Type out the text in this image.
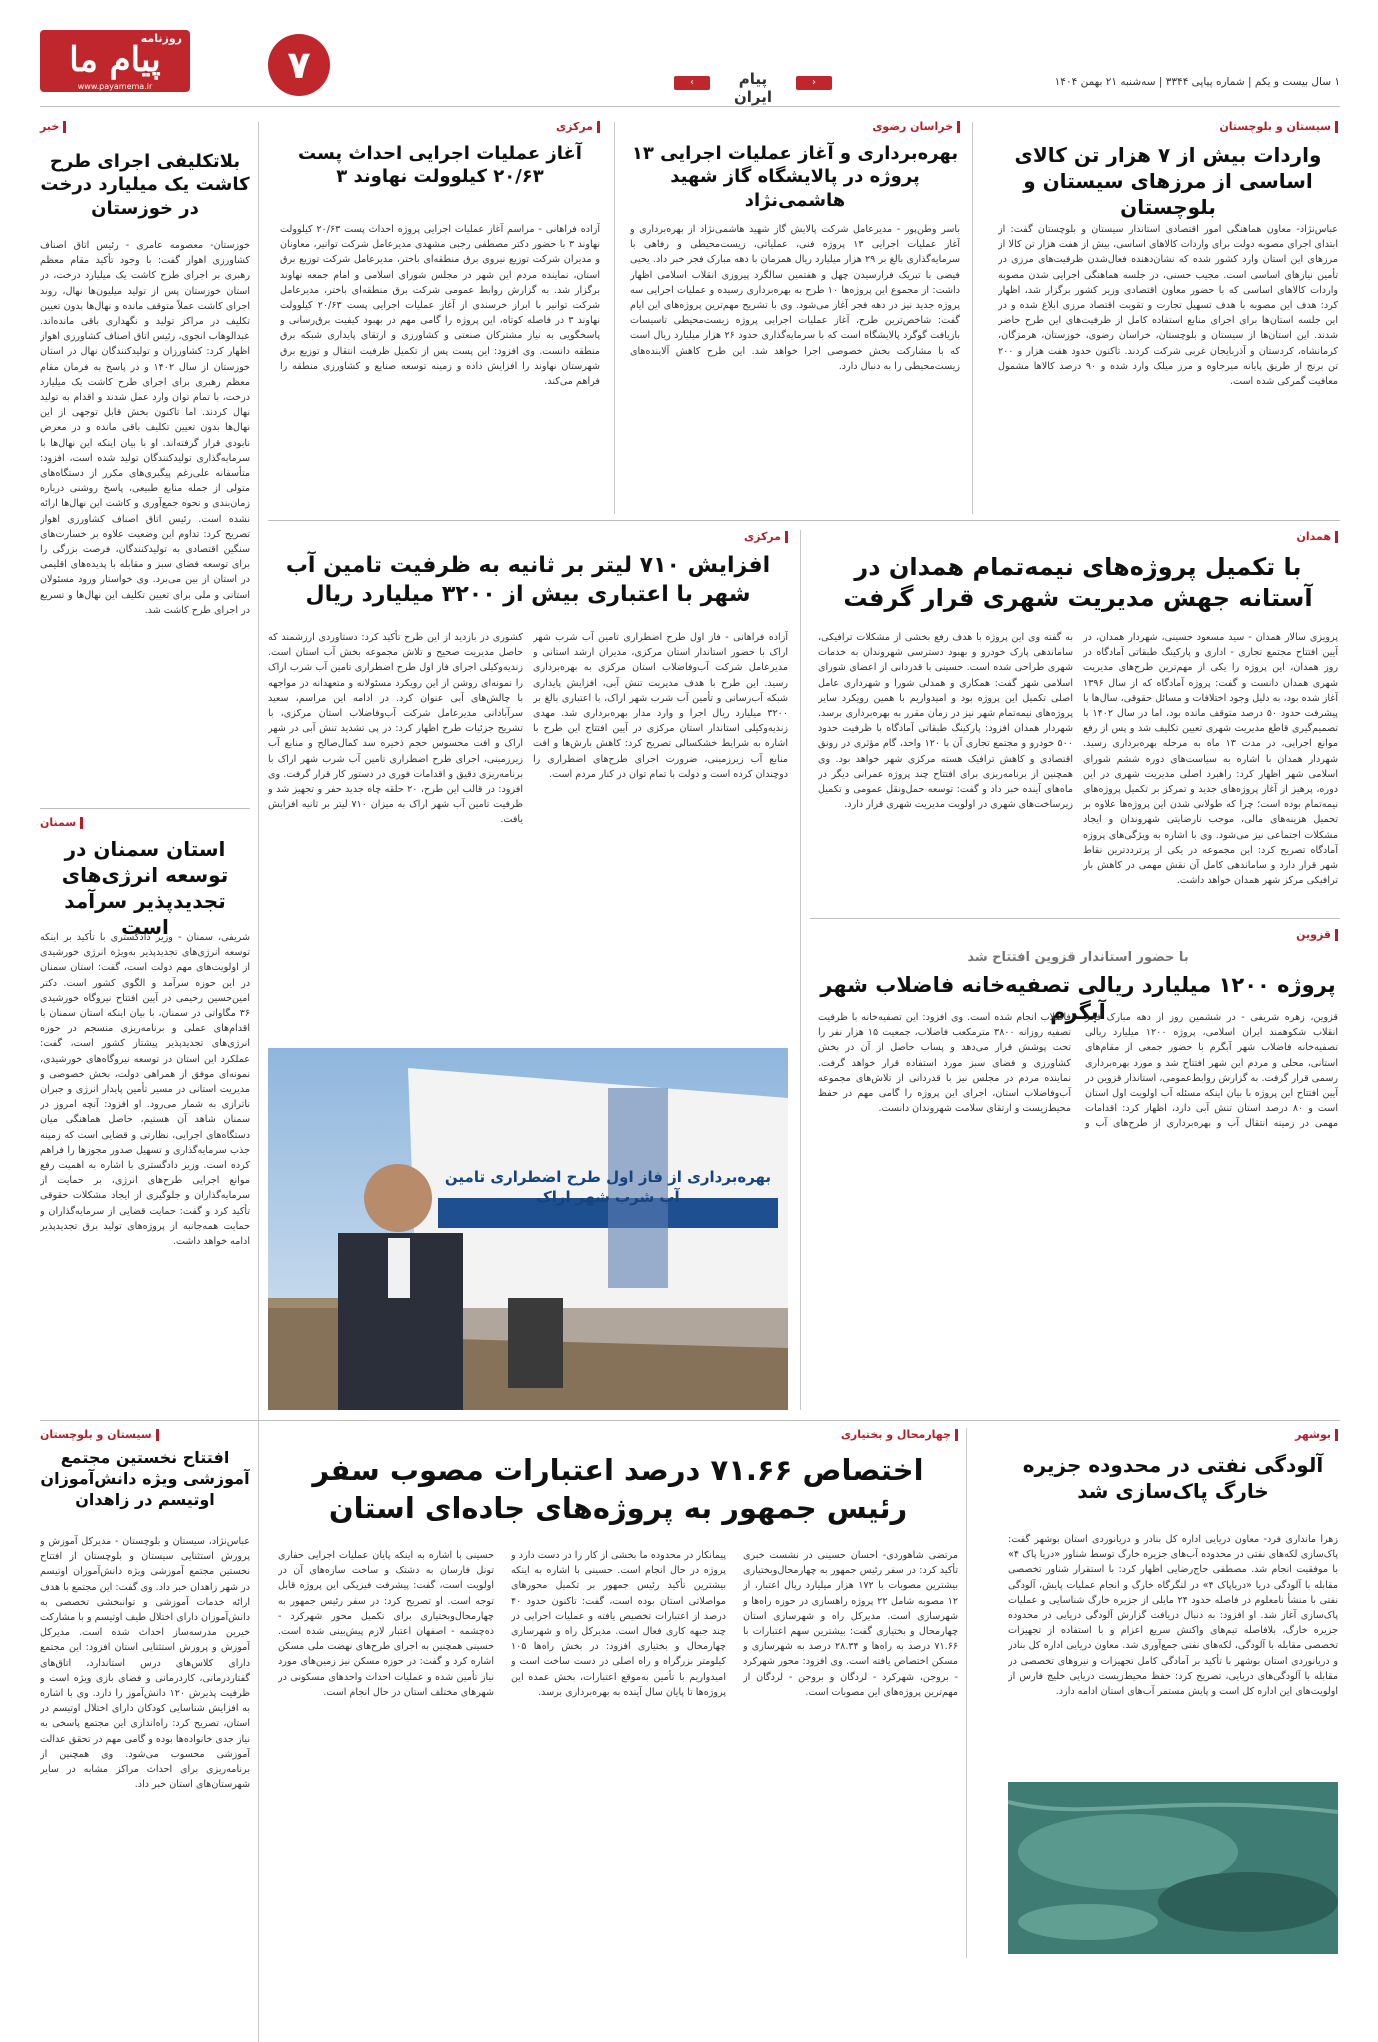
روزنامه
پیام ما
www.payamema.ir	۷	›	پیام ایران
‹	۱ سال بیست و یکم | شماره پیاپی ۳۳۴۴ | سه‌شنبه ۲۱ بهمن ۱۴۰۴
سیستان و بلوچستان
واردات بیش از ۷ هزار تن کالای اساسی از مرزهای سیستان و بلوچستان
عباس‌نژاد- معاون هماهنگی امور اقتصادی استاندار سیستان و بلوچستان گفت: از ابتدای اجرای مصوبه دولت برای واردات کالاهای اساسی، بیش از هفت هزار تن کالا از مرزهای این استان وارد کشور شده که نشان‌دهنده فعال‌شدن ظرفیت‌های مرزی در تأمین نیازهای اساسی است. مجیب حسنی، در جلسه هماهنگی اجرایی شدن مصوبه واردات کالاهای اساسی که با حضور معاون اقتصادی وزیر کشور برگزار شد، اظهار کرد: هدف این مصوبه با هدف تسهیل تجارت و تقویت اقتصاد مرزی ابلاغ شده و در این جلسه استان‌ها برای اجرای منابع استفاده کامل از ظرفیت‌های این طرح حاضر شدند. این استان‌ها از سیستان و بلوچستان، خراسان رضوی، خوزستان، هرمزگان، کرمانشاه، کردستان و آذربایجان غربی شرکت کردند. تاکنون حدود هفت هزار و ۲۰۰ تن برنج از طریق پایانه میرجاوه و مرز میلک وارد شده و ۹۰ درصد کالاها مشمول معافیت گمرکی شده است.
خراسان رضوی
بهره‌برداری و آغاز عملیات اجرایی ۱۳ پروژه در پالایشگاه گاز شهید هاشمی‌نژاد
باسر وطن‌پور - مدیرعامل شرکت پالایش گاز شهید هاشمی‌نژاد از بهره‌برداری و آغاز عملیات اجرایی ۱۳ پروژه فنی، عملیاتی، زیست‌محیطی و رفاهی با سرمایه‌گذاری بالغ بر ۲۹ هزار میلیارد ریال همزمان با دهه مبارک فجر خبر داد. یحیی فیضی با تبریک فرارسیدن چهل و هفتمین سالگرد پیروزی انقلاب اسلامی اظهار داشت: از مجموع این پروژه‌ها ۱۰ طرح به بهره‌برداری رسیده و عملیات اجرایی سه پروژه جدید نیز در دهه فجر آغاز می‌شود. وی با تشریح مهم‌ترین پروژه‌های این ایام گفت: شاخص‌ترین طرح، آغاز عملیات اجرایی پروژه زیست‌محیطی تاسیسات بازیافت گوگرد پالایشگاه است که با سرمایه‌گذاری حدود ۲۶ هزار میلیارد ریال است که با مشارکت بخش خصوصی اجرا خواهد شد. این طرح کاهش آلاینده‌های زیست‌محیطی را به دنبال دارد.
مرکزی
آغاز عملیات اجرایی احداث پست ۲۰/۶۳ کیلوولت نهاوند ۳
آزاده فراهانی - مراسم آغاز عملیات اجرایی پروژه احداث پست ۲۰/۶۳ کیلوولت نهاوند ۳ با حضور دکتر مصطفی رجبی مشهدی مدیرعامل شرکت توانیر، معاونان و مدیران شرکت توزیع نیروی برق منطقه‌ای باختر، مدیرعامل شرکت توزیع برق استان، نماینده مردم این شهر در مجلس شورای اسلامی و امام جمعه نهاوند برگزار شد. به گزارش روابط عمومی شرکت برق منطقه‌ای باختر، مدیرعامل شرکت توانیر با ابراز خرسندی از آغاز عملیات اجرایی پست ۲۰/۶۳ کیلوولت نهاوند ۳ در فاصله کوتاه، این پروژه را گامی مهم در بهبود کیفیت برق‌رسانی و پاسخگویی به نیاز مشترکان صنعتی و کشاورزی و ارتقای پایداری شبکه برق منطقه دانست. وی افزود: این پست پس از تکمیل ظرفیت انتقال و توزیع برق شهرستان نهاوند را افزایش داده و زمینه توسعه صنایع و کشاورزی منطقه را فراهم می‌کند.
خبر
بلاتکلیفی اجرای طرح کاشت یک میلیارد درخت در خوزستان
خوزستان- معصومه عامری - رئیس اتاق اصناف کشاورزی اهواز گفت: با وجود تأکید مقام معظم رهبری بر اجرای طرح کاشت یک میلیارد درخت، در استان خوزستان پس از تولید میلیون‌ها نهال، روند اجرای کاشت عملاً متوقف مانده و نهال‌ها بدون تعیین تکلیف در مراکز تولید و نگهداری باقی مانده‌اند. عبدالوهاب انجوی، رئیس اتاق اصناف کشاورزی اهواز اظهار کرد: کشاورزان و تولیدکنندگان نهال در استان خوزستان از سال ۱۴۰۲ و در پاسخ به فرمان مقام معظم رهبری برای اجرای طرح کاشت یک میلیارد درخت، با تمام توان وارد عمل شدند و اقدام به تولید نهال کردند. اما تاکنون بخش قابل توجهی از این نهال‌ها بدون تعیین تکلیف باقی مانده و در معرض نابودی قرار گرفته‌اند. او با بیان اینکه این نهال‌ها با سرمایه‌گذاری تولیدکنندگان تولید شده است، افزود: متأسفانه علی‌رغم پیگیری‌های مکرر از دستگاه‌های متولی از جمله منابع طبیعی، پاسخ روشنی درباره زمان‌بندی و نحوه جمع‌آوری و کاشت این نهال‌ها ارائه نشده است. رئیس اتاق اصناف کشاورزی اهواز تصریح کرد: تداوم این وضعیت علاوه بر خسارت‌های سنگین اقتصادی به تولیدکنندگان، فرصت بزرگی را برای توسعه فضای سبز و مقابله با پدیده‌های اقلیمی در استان از بین می‌برد. وی خواستار ورود مسئولان استانی و ملی برای تعیین تکلیف این نهال‌ها و تسریع در اجرای طرح کاشت شد.
همدان
با تکمیل پروژه‌های نیمه‌تمام همدان در آستانه جهش مدیریت شهری قرار گرفت
پرویزی سالار همدان - سید مسعود حسینی، شهردار همدان، در آیین افتتاح مجتمع تجاری - اداری و پارکینگ طبقاتی آمادگاه در روز همدان، این پروژه را یکی از مهم‌ترین طرح‌های مدیریت شهری همدان دانست و گفت: پروژه آمادگاه که از سال ۱۳۹۶ آغاز شده بود، به دلیل وجود اختلافات و مسائل حقوقی، سال‌ها با پیشرفت حدود ۵۰ درصد متوقف مانده بود، اما در سال ۱۴۰۲ با تصمیم‌گیری قاطع مدیریت شهری تعیین تکلیف شد و پس از رفع موانع اجرایی، در مدت ۱۳ ماه به مرحله بهره‌برداری رسید. شهردار همدان با اشاره به سیاست‌های دوره ششم شورای اسلامی شهر اظهار کرد: راهبرد اصلی مدیریت شهری در این دوره، پرهیز از آغاز پروژه‌های جدید و تمرکز بر تکمیل پروژه‌های نیمه‌تمام بوده است؛ چرا که طولانی شدن این پروژه‌ها علاوه بر تحمیل هزینه‌های مالی، موجب نارضایتی شهروندان و ایجاد مشکلات اجتماعی نیز می‌شود. وی با اشاره به ویژگی‌های پروژه آمادگاه تصریح کرد: این مجموعه در یکی از پرترددترین نقاط شهر قرار دارد و ساماندهی کامل آن نقش مهمی در کاهش بار ترافیکی مرکز شهر همدان خواهد داشت.
به گفته وی این پروژه با هدف رفع بخشی از مشکلات ترافیکی، ساماندهی پارک خودرو و بهبود دسترسی شهروندان به خدمات شهری طراحی شده است. حسینی با قدردانی از اعضای شورای اسلامی شهر گفت: همکاری و همدلی شورا و شهرداری عامل اصلی تکمیل این پروژه بود و امیدواریم با همین رویکرد سایر پروژه‌های نیمه‌تمام شهر نیز در زمان مقرر به بهره‌برداری برسد. شهردار همدان افزود: پارکینگ طبقاتی آمادگاه با ظرفیت حدود ۵۰۰ خودرو و مجتمع تجاری آن با ۱۲۰ واحد، گام مؤثری در رونق اقتصادی و کاهش ترافیک هسته مرکزی شهر خواهد بود. وی همچنین از برنامه‌ریزی برای افتتاح چند پروژه عمرانی دیگر در ماه‌های آینده خبر داد و گفت: توسعه حمل‌ونقل عمومی و تکمیل زیرساخت‌های شهری در اولویت مدیریت شهری قرار دارد.
مرکزی
افزایش ۷۱۰ لیتر بر ثانیه به ظرفیت تامین آب شهر با اعتباری بیش از ۳۲۰۰ میلیارد ریال
آزاده فراهانی - فاز اول طرح اضطراری تامین آب شرب شهر اراک با حضور استاندار استان مرکزی، مدیران ارشد استانی و مدیرعامل شرکت آب‌وفاضلاب استان مرکزی به بهره‌برداری رسید. این طرح با هدف مدیریت تنش آبی، افزایش پایداری شبکه آب‌رسانی و تأمین آب شرب شهر اراک، با اعتباری بالغ بر ۳۲۰۰ میلیارد ریال اجرا و وارد مدار بهره‌برداری شد. مهدی زندیه‌وکیلی استاندار استان مرکزی در آیین افتتاح این طرح با اشاره به شرایط خشکسالی تصریح کرد: کاهش بارش‌ها و افت منابع آب زیرزمینی، ضرورت اجرای طرح‌های اضطراری را دوچندان کرده است و دولت با تمام توان در کنار مردم است.
کشوری در بازدید از این طرح تأکید کرد: دستاوردی ارزشمند که حاصل مدیریت صحیح و تلاش مجموعه بخش آب استان است. زندیه‌وکیلی اجرای فاز اول طرح اضطراری تامین آب شرب اراک را نمونه‌ای روشن از این رویکرد مسئولانه و متعهدانه در مواجهه با چالش‌های آبی عنوان کرد. در ادامه این مراسم، سعید سرآبادانی مدیرعامل شرکت آب‌وفاضلاب استان مرکزی، با تشریح جزئیات طرح اظهار کرد: در پی تشدید تنش آبی در شهر اراک و افت محسوس حجم ذخیره سد کمال‌صالح و منابع آب زیرزمینی، اجرای طرح اضطراری تامین آب شرب شهر اراک با برنامه‌ریزی دقیق و اقدامات فوری در دستور کار قرار گرفت. وی افزود: در قالب این طرح، ۲۰ حلقه چاه جدید حفر و تجهیز شد و ظرفیت تامین آب شهر اراک به میزان ۷۱۰ لیتر بر ثانیه افزایش یافت.
بهره‌برداری از فاز اول طرح اضطراری تامین آب شرب شهر اراک
سمنان
استان سمنان در توسعه انرژی‌های تجدیدپذیر سرآمد است
شریفی، سمنان - وزیر دادگستری با تأکید بر اینکه توسعه انرژی‌های تجدیدپذیر به‌ویژه انرژی خورشیدی از اولویت‌های مهم دولت است، گفت: استان سمنان در این حوزه سرآمد و الگوی کشور است. دکتر امین‌حسین رحیمی در آیین افتتاح نیروگاه خورشیدی ۳۶ مگاواتی در سمنان، با بیان اینکه استان سمنان با اقدام‌های عملی و برنامه‌ریزی منسجم در حوزه انرژی‌های تجدیدپذیر پیشتاز کشور است، گفت: عملکرد این استان در توسعه نیروگاه‌های خورشیدی، نمونه‌ای موفق از همراهی دولت، بخش خصوصی و مدیریت استانی در مسیر تأمین پایدار انرژی و جبران ناترازی به شمار می‌رود. او افزود: آنچه امروز در سمنان شاهد آن هستیم، حاصل هماهنگی میان دستگاه‌های اجرایی، نظارتی و قضایی است که زمینه جذب سرمایه‌گذاری و تسهیل صدور مجوزها را فراهم کرده است. وزیر دادگستری با اشاره به اهمیت رفع موانع اجرایی طرح‌های انرژی، بر حمایت از سرمایه‌گذاران و جلوگیری از ایجاد مشکلات حقوقی تأکید کرد و گفت: حمایت قضایی از سرمایه‌گذاران و حمایت همه‌جانبه از پروژه‌های تولید برق تجدیدپذیر ادامه خواهد داشت.
قزوین
با حضور استاندار قزوین افتتاح شد
پروژه ۱۲۰۰ میلیارد ریالی تصفیه‌خانه فاضلاب شهر آبگرم
قزوین، زهره شریفی - در ششمین روز از دهه مبارک فجر انقلاب شکوهمند ایران اسلامی، پروژه ۱۲۰۰ میلیارد ریالی تصفیه‌خانه فاضلاب شهر آبگرم با حضور جمعی از مقام‌های استانی، محلی و مردم این شهر افتتاح شد و مورد بهره‌برداری رسمی قرار گرفت. به گزارش روابط‌عمومی، استاندار قزوین در آیین افتتاح این پروژه با بیان اینکه مسئله آب اولویت اول استان است و ۸۰ درصد استان تنش آبی دارد، اظهار کرد: اقدامات مهمی در زمینه انتقال آب و بهره‌برداری از طرح‌های آب و فاضلاب انجام شده است. وی افزود: این تصفیه‌خانه با ظرفیت تصفیه روزانه ۳۸۰۰ مترمکعب فاضلاب، جمعیت ۱۵ هزار نفر را تحت پوشش قرار می‌دهد و پساب حاصل از آن در بخش کشاورزی و فضای سبز مورد استفاده قرار خواهد گرفت. نماینده مردم در مجلس نیز با قدردانی از تلاش‌های مجموعه آب‌وفاضلاب استان، اجرای این پروژه را گامی مهم در حفظ محیط‌زیست و ارتقای سلامت شهروندان دانست.
بوشهر
آلودگی نفتی در محدوده جزیره خارگ پاک‌سازی شد
زهرا مانداری فرد- معاون دریایی اداره کل بنادر و دریانوردی استان بوشهر گفت: پاک‌سازی لکه‌های نفتی در محدوده آب‌های جزیره خارگ توسط شناور «دریا پاک ۴» با موفقیت انجام شد. مصطفی حاج‌رضایی اظهار کرد: با استقرار شناور تخصصی مقابله با آلودگی دریا «دریاپاک ۴» در لنگرگاه خارگ و انجام عملیات پایش، آلودگی نفتی با منشأ نامعلوم در فاصله حدود ۲۴ مایلی از جزیره خارگ شناسایی و عملیات پاک‌سازی آغاز شد. او افزود: به دنبال دریافت گزارش آلودگی دریایی در محدوده جزیره خارگ، بلافاصله تیم‌های واکنش سریع اعزام و با استفاده از تجهیزات تخصصی مقابله با آلودگی، لکه‌های نفتی جمع‌آوری شد. معاون دریایی اداره کل بنادر و دریانوردی استان بوشهر با تأکید بر آمادگی کامل تجهیزات و نیروهای تخصصی در مقابله با آلودگی‌های دریایی، تصریح کرد: حفظ محیط‌زیست دریایی خلیج فارس از اولویت‌های این اداره کل است و پایش مستمر آب‌های استان ادامه دارد.
چهارمحال و بختیاری
اختصاص ۷۱.۶۶ درصد اعتبارات مصوب سفر رئیس جمهور به پروژه‌های جاده‌ای استان
مرتضی شاهوردی- احسان حسینی در نشست خبری تأکید کرد: در سفر رئیس جمهور به چهارمحال‌وبختیاری بیشترین مصوبات با ۱۷۲ هزار میلیارد ریال اعتبار، از ۱۲ مصوبه شامل ۲۲ پروژه راهسازی در حوزه راه‌ها و شهرسازی است. مدیرکل راه و شهرسازی استان چهارمحال و بختیاری گفت: بیشترین سهم اعتبارات با ۷۱.۶۶ درصد به راه‌ها و ۲۸.۳۴ درصد به شهرسازی و مسکن اختصاص یافته است. وی افزود: محور شهرکرد - بروجن، شهرکرد - لردگان و بروجن - لردگان از مهم‌ترین پروژه‌های این مصوبات است.
پیمانکار در محدوده ما بخشی از کار را در دست دارد و پروژه در حال انجام است. حسینی با اشاره به اینکه بیشترین تأکید رئیس جمهور بر تکمیل محورهای مواصلاتی استان بوده است، گفت: تاکنون حدود ۴۰ درصد از اعتبارات تخصیص یافته و عملیات اجرایی در چند جبهه کاری فعال است. مدیرکل راه و شهرسازی چهارمحال و بختیاری افزود: در بخش راه‌ها ۱۰۵ کیلومتر بزرگراه و راه اصلی در دست ساخت است و امیدواریم با تأمین به‌موقع اعتبارات، بخش عمده این پروژه‌ها تا پایان سال آینده به بهره‌برداری برسد.
حسینی با اشاره به اینکه پایان عملیات اجرایی حفاری تونل فارسان به دشتک و ساخت سازه‌های آن در اولویت است، گفت: پیشرفت فیزیکی این پروژه قابل توجه است. او تصریح کرد: در سفر رئیس جمهور به چهارمحال‌وبختیاری برای تکمیل محور شهرکرد - ده‌چشمه - اصفهان اعتبار لازم پیش‌بینی شده است. حسینی همچنین به اجرای طرح‌های نهضت ملی مسکن اشاره کرد و گفت: در حوزه مسکن نیز زمین‌های مورد نیاز تأمین شده و عملیات احداث واحدهای مسکونی در شهرهای مختلف استان در حال انجام است.
سیستان و بلوچستان
افتتاح نخستین مجتمع آموزشی ویژه دانش‌آموزان اوتیسم در زاهدان
عباس‌نژاد، سیستان و بلوچستان - مدیرکل آموزش و پرورش استثنایی سیستان و بلوچستان از افتتاح نخستین مجتمع آموزشی ویژه دانش‌آموزان اوتیسم در شهر زاهدان خبر داد. وی گفت: این مجتمع با هدف ارائه خدمات آموزشی و توانبخشی تخصصی به دانش‌آموزان دارای اختلال طیف اوتیسم و با مشارکت خیرین مدرسه‌ساز احداث شده است. مدیرکل آموزش و پرورش استثنایی استان افزود: این مجتمع دارای کلاس‌های درس استاندارد، اتاق‌های گفتاردرمانی، کاردرمانی و فضای بازی ویژه است و ظرفیت پذیرش ۱۲۰ دانش‌آموز را دارد. وی با اشاره به افزایش شناسایی کودکان دارای اختلال اوتیسم در استان، تصریح کرد: راه‌اندازی این مجتمع پاسخی به نیاز جدی خانواده‌ها بوده و گامی مهم در تحقق عدالت آموزشی محسوب می‌شود. وی همچنین از برنامه‌ریزی برای احداث مراکز مشابه در سایر شهرستان‌های استان خبر داد.
